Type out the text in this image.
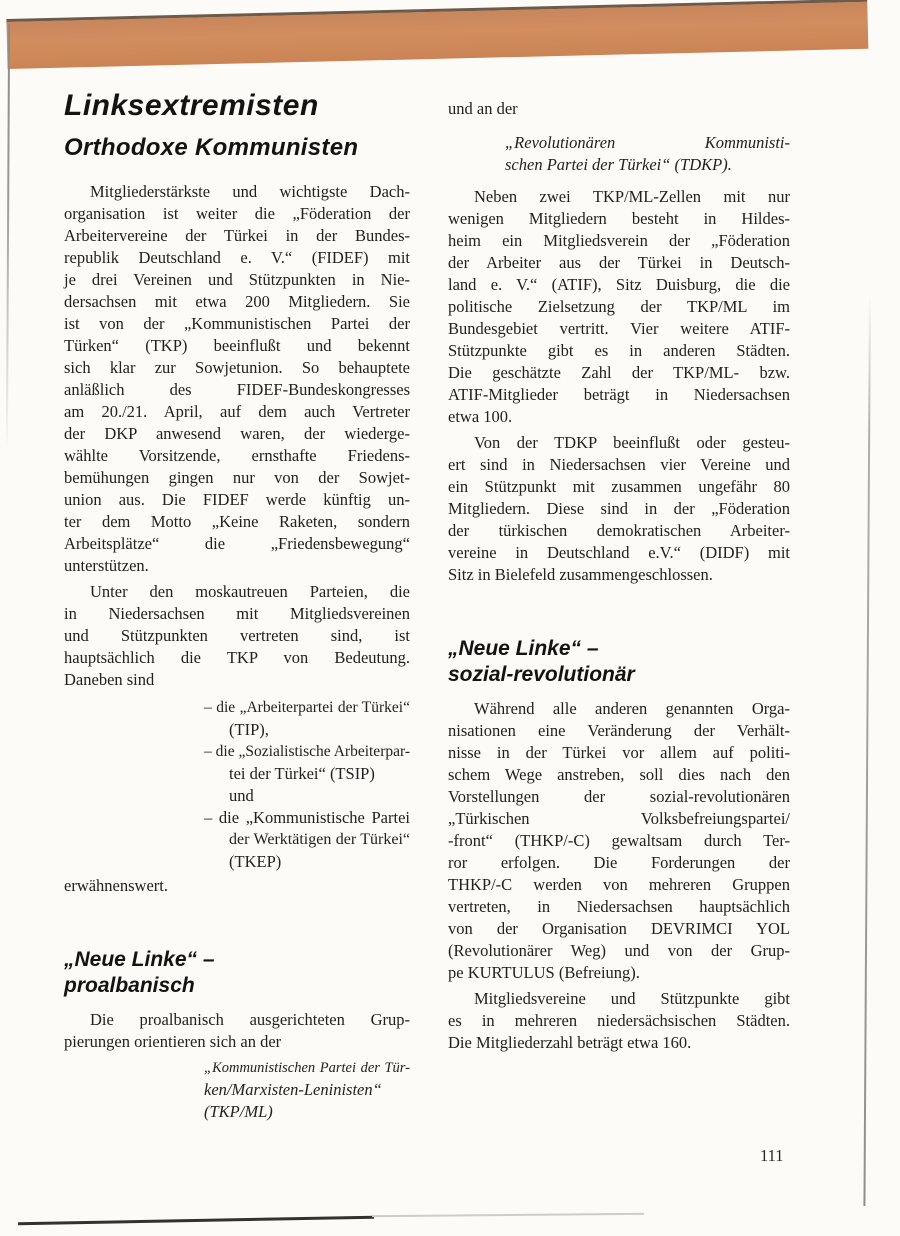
Linksextremisten
Orthodoxe Kommunisten
Mitgliederstärkste und wichtigste Dach-
organisation ist weiter die „Föderation der
Arbeitervereine der Türkei in der Bundes-
republik Deutschland e. V.“ (FIDEF) mit
je drei Vereinen und Stützpunkten in Nie-
dersachsen mit etwa 200 Mitgliedern. Sie
ist von der „Kommunistischen Partei der
Türken“ (TKP) beeinflußt und bekennt
sich klar zur Sowjetunion. So behauptete
anläßlich des FIDEF-Bundeskongresses
am 20./21. April, auf dem auch Vertreter
der DKP anwesend waren, der wiederge-
wählte Vorsitzende, ernsthafte Friedens-
bemühungen gingen nur von der Sowjet-
union aus. Die FIDEF werde künftig un-
ter dem Motto „Keine Raketen, sondern
Arbeitsplätze“ die „Friedensbewegung“
unterstützen.
Unter den moskautreuen Parteien, die
in Niedersachsen mit Mitgliedsvereinen
und Stützpunkten vertreten sind, ist
hauptsächlich die TKP von Bedeutung.
Daneben sind
– die „Arbeiterpartei der Türkei“
(TIP),
– die „Sozialistische Arbeiterpar-
tei der Türkei“ (TSIP)
und
– die „Kommunistische Partei
der Werktätigen der Türkei“
(TKEP)
erwähnenswert.
„Neue Linke“ –
proalbanisch
Die proalbanisch ausgerichteten Grup-
pierungen orientieren sich an der
„Kommunistischen Partei der Tür-
ken/Marxisten-Leninisten“
(TKP/ML)
und an der
„Revolutionären Kommunisti-
schen Partei der Türkei“ (TDKP).
Neben zwei TKP/ML-Zellen mit nur
wenigen Mitgliedern besteht in Hildes-
heim ein Mitgliedsverein der „Föderation
der Arbeiter aus der Türkei in Deutsch-
land e. V.“ (ATIF), Sitz Duisburg, die die
politische Zielsetzung der TKP/ML im
Bundesgebiet vertritt. Vier weitere ATIF-
Stützpunkte gibt es in anderen Städten.
Die geschätzte Zahl der TKP/ML- bzw.
ATIF-Mitglieder beträgt in Niedersachsen
etwa 100.
Von der TDKP beeinflußt oder gesteu-
ert sind in Niedersachsen vier Vereine und
ein Stützpunkt mit zusammen ungefähr 80
Mitgliedern. Diese sind in der „Föderation
der türkischen demokratischen Arbeiter-
vereine in Deutschland e.V.“ (DIDF) mit
Sitz in Bielefeld zusammengeschlossen.
„Neue Linke“ –
sozial-revolutionär
Während alle anderen genannten Orga-
nisationen eine Veränderung der Verhält-
nisse in der Türkei vor allem auf politi-
schem Wege anstreben, soll dies nach den
Vorstellungen der sozial-revolutionären
„Türkischen Volksbefreiungspartei/
-front“ (THKP/-C) gewaltsam durch Ter-
ror erfolgen. Die Forderungen der
THKP/-C werden von mehreren Gruppen
vertreten, in Niedersachsen hauptsächlich
von der Organisation DEVRIMCI YOL
(Revolutionärer Weg) und von der Grup-
pe KURTULUS (Befreiung).
Mitgliedsvereine und Stützpunkte gibt
es in mehreren niedersächsischen Städten.
Die Mitgliederzahl beträgt etwa 160.
111
